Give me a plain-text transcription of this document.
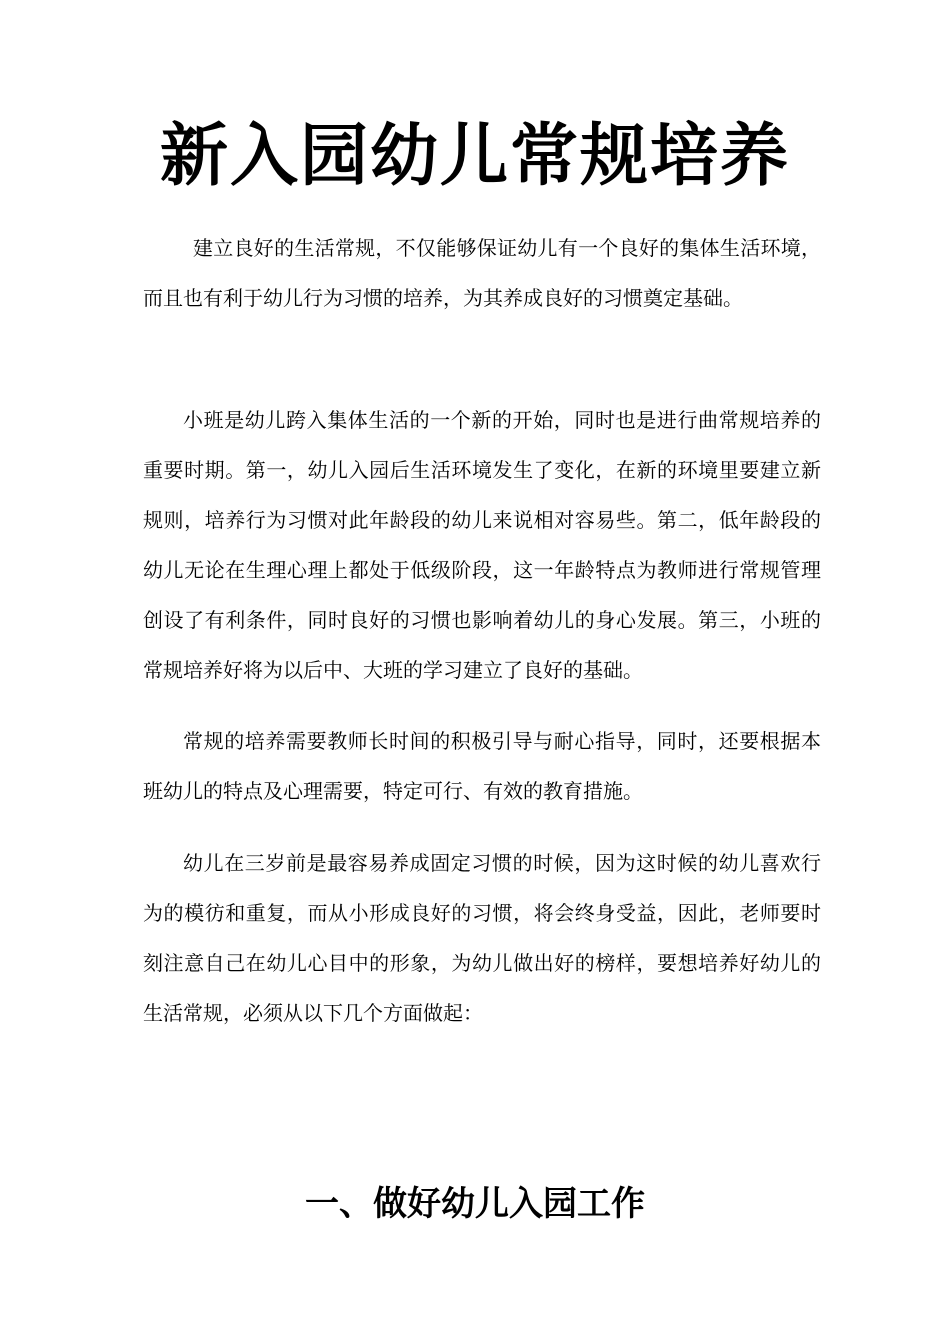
新入园幼儿常规培养

建立良好的生活常规，不仅能够保证幼儿有一个良好的集体生活环境，而且也有利于幼儿行为习惯的培养，为其养成良好的习惯奠定基础。

小班是幼儿跨入集体生活的一个新的开始，同时也是进行曲常规培养的重要时期。第一，幼儿入园后生活环境发生了变化，在新的环境里要建立新规则，培养行为习惯对此年龄段的幼儿来说相对容易些。第二，低年龄段的幼儿无论在生理心理上都处于低级阶段，这一年龄特点为教师进行常规管理创设了有利条件，同时良好的习惯也影响着幼儿的身心发展。第三，小班的常规培养好将为以后中、大班的学习建立了良好的基础。

常规的培养需要教师长时间的积极引导与耐心指导，同时，还要根据本班幼儿的特点及心理需要，特定可行、有效的教育措施。

幼儿在三岁前是最容易养成固定习惯的时候，因为这时候的幼儿喜欢行为的模彷和重复，而从小形成良好的习惯，将会终身受益，因此，老师要时刻注意自己在幼儿心目中的形象，为幼儿做出好的榜样，要想培养好幼儿的生活常规，必须从以下几个方面做起：

一、做好幼儿入园工作
